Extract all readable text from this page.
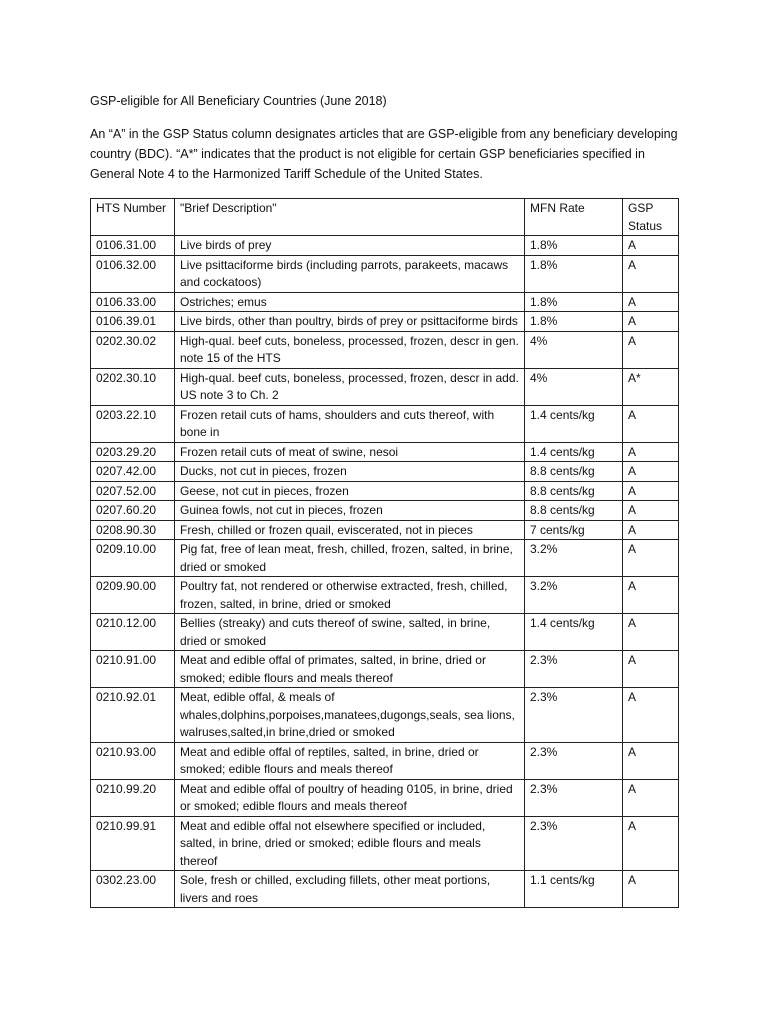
GSP-eligible for All Beneficiary Countries (June 2018)

An “A” in the GSP Status column designates articles that are GSP-eligible from any beneficiary developing country (BDC). “A*” indicates that the product is not eligible for certain GSP beneficiaries specified in General Note 4 to the Harmonized Tariff Schedule of the United States.

HTS Number	"Brief Description"	MFN Rate	GSP Status
0106.31.00	Live birds of prey	1.8%	A
0106.32.00	Live psittaciforme birds (including parrots, parakeets, macaws and cockatoos)	1.8%	A
0106.33.00	Ostriches; emus	1.8%	A
0106.39.01	Live birds, other than poultry, birds of prey or psittaciforme birds	1.8%	A
0202.30.02	High-qual. beef cuts, boneless, processed, frozen, descr in gen. note 15 of the HTS	4%	A
0202.30.10	High-qual. beef cuts, boneless, processed, frozen, descr in add. US note 3 to Ch. 2	4%	A*
0203.22.10	Frozen retail cuts of hams, shoulders and cuts thereof, with bone in	1.4 cents/kg	A
0203.29.20	Frozen retail cuts of meat of swine, nesoi	1.4 cents/kg	A
0207.42.00	Ducks, not cut in pieces, frozen	8.8 cents/kg	A
0207.52.00	Geese, not cut in pieces, frozen	8.8 cents/kg	A
0207.60.20	Guinea fowls, not cut in pieces, frozen	8.8 cents/kg	A
0208.90.30	Fresh, chilled or frozen quail, eviscerated, not in pieces	7 cents/kg	A
0209.10.00	Pig fat, free of lean meat, fresh, chilled, frozen, salted, in brine, dried or smoked	3.2%	A
0209.90.00	Poultry fat, not rendered or otherwise extracted, fresh, chilled, frozen, salted, in brine, dried or smoked	3.2%	A
0210.12.00	Bellies (streaky) and cuts thereof of swine, salted, in brine, dried or smoked	1.4 cents/kg	A
0210.91.00	Meat and edible offal of primates, salted, in brine, dried or smoked; edible flours and meals thereof	2.3%	A
0210.92.01	Meat, edible offal, & meals of whales,dolphins,porpoises,manatees,dugongs,seals, sea lions, walruses,salted,in brine,dried or smoked	2.3%	A
0210.93.00	Meat and edible offal of reptiles, salted, in brine, dried or smoked; edible flours and meals thereof	2.3%	A
0210.99.20	Meat and edible offal of poultry of heading 0105, in brine, dried or smoked; edible flours and meals thereof	2.3%	A
0210.99.91	Meat and edible offal not elsewhere specified or included, salted, in brine, dried or smoked; edible flours and meals thereof	2.3%	A
0302.23.00	Sole, fresh or chilled, excluding fillets, other meat portions, livers and roes	1.1 cents/kg	A
